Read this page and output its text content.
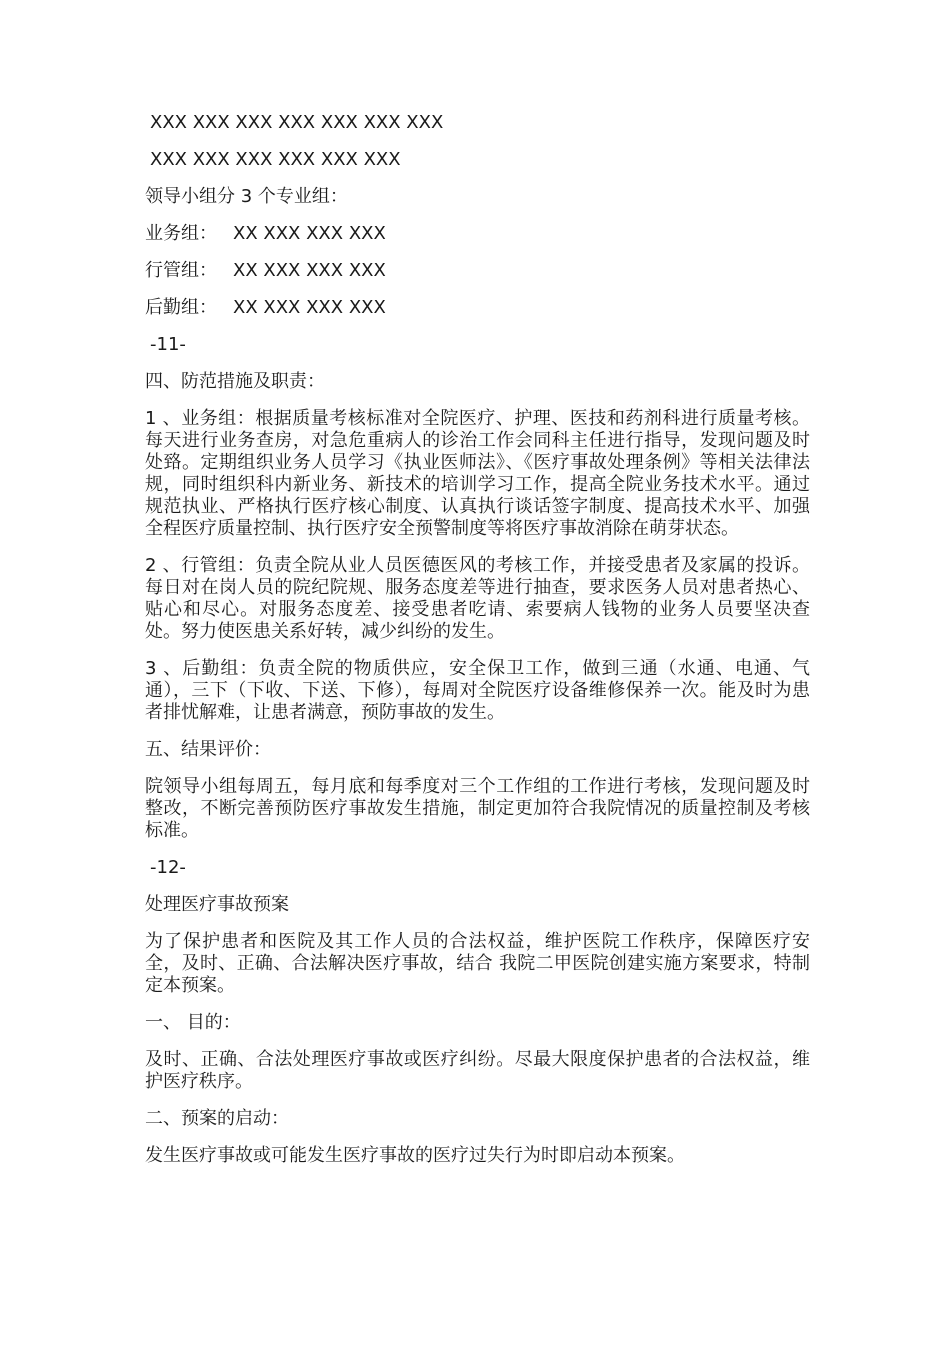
XXX XXX XXX XXX XXX XXX XXX

XXX XXX XXX XXX XXX XXX

领导小组分 3 个专业组：

业务组： XX XXX XXX XXX

行管组： XX XXX XXX XXX

后勤组： XX XXX XXX XXX

-11-

四、防范措施及职责：

1 、业务组：根据质量考核标准对全院医疗、护理、医技和药剂科进行质量考核。每天进行业务查房，对急危重病人的诊治工作会同科主任进行指导，发现问题及时处臵。定期组织业务人员学习《执业医师法》、《医疗事故处理条例》等相关法律法规，同时组织科内新业务、新技术的培训学习工作，提高全院业务技术水平。通过规范执业、严格执行医疗核心制度、认真执行谈话签字制度、提高技术水平、加强全程医疗质量控制、执行医疗安全预警制度等将医疗事故消除在萌芽状态。

2 、行管组：负责全院从业人员医德医风的考核工作，并接受患者及家属的投诉。每日对在岗人员的院纪院规、服务态度差等进行抽查，要求医务人员对患者热心、贴心和尽心。对服务态度差、接受患者吃请、索要病人钱物的业务人员要坚决查处。努力使医患关系好转，减少纠纷的发生。

3 、后勤组：负责全院的物质供应，安全保卫工作，做到三通（水通、电通、气通），三下（下收、下送、下修），每周对全院医疗设备维修保养一次。能及时为患者排忧解难，让患者满意，预防事故的发生。

五、结果评价：

院领导小组每周五，每月底和每季度对三个工作组的工作进行考核，发现问题及时整改，不断完善预防医疗事故发生措施，制定更加符合我院情况的质量控制及考核标准。

-12-

处理医疗事故预案

为了保护患者和医院及其工作人员的合法权益，维护医院工作秩序，保障医疗安全，及时、正确、合法解决医疗事故，结合 我院二甲医院创建实施方案要求，特制定本预案。

一、 目的：

及时、正确、合法处理医疗事故或医疗纠纷。尽最大限度保护患者的合法权益，维护医疗秩序。

二、预案的启动：

发生医疗事故或可能发生医疗事故的医疗过失行为时即启动本预案。
